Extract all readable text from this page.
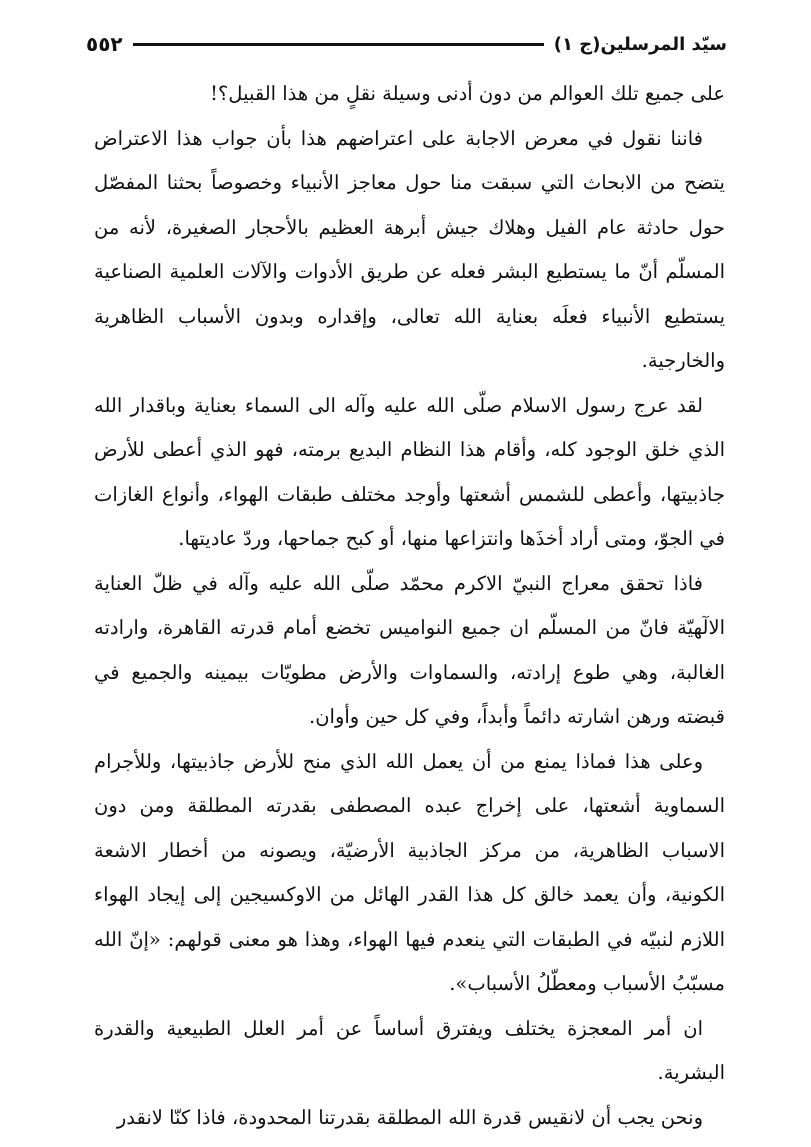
سيّد المرسلين(ج ١)
٥٥٢

على جميع تلك العوالم من دون أدنى وسيلة نقلٍ من هذا القبيل؟!

فاننا نقول في معرض الاجابة على اعتراضهم هذا بأن جواب هذا الاعتراض يتضح من الابحاث التي سبقت منا حول معاجز الأنبياء وخصوصاً بحثنا المفصّل حول حادثة عام الفيل وهلاك جيش أبرهة العظيم بالأحجار الصغيرة، لأنه من المسلّم أنّ ما يستطيع البشر فعله عن طريق الأدوات والآلات العلمية الصناعية يستطيع الأنبياء فعلَه بعناية الله تعالى، وإقداره وبدون الأسباب الظاهرية والخارجية.

لقد عرج رسول الاسلام صلّى الله عليه وآله الى السماء بعناية وباقدار الله الذي خلق الوجود كله، وأقام هذا النظام البديع برمته، فهو الذي أعطى للأرض جاذبيتها، وأعطى للشمس أشعتها وأوجد مختلف طبقات الهواء، وأنواع الغازات في الجوّ، ومتى أراد أخذَها وانتزاعها منها، أو كبح جماحها، وردّ عاديتها.

فاذا تحقق معراج النبيّ الاكرم محمّد صلّى الله عليه وآله في ظلّ العناية الالٓهيّة فانّ من المسلّم ان جميع النواميس تخضع أمام قدرته القاهرة، وارادته الغالبة، وهي طوع إرادته، والسماوات والأرض مطويّات بيمينه والجميع في قبضته ورهن اشارته دائماً وأبداً، وفي كل حين وأوان.

وعلى هذا فماذا يمنع من أن يعمل الله الذي منح للأرض جاذبيتها، وللأجرام السماوية أشعتها، على إخراج عبده المصطفى بقدرته المطلقة ومن دون الاسباب الظاهرية، من مركز الجاذبية الأرضيّة، ويصونه من أخطار الاشعة الكونية، وأن يعمد خالق كل هذا القدر الهائل من الاوكسيجين إلى إيجاد الهواء اللازم لنبيّه في الطبقات التي ينعدم فيها الهواء، وهذا هو معنى قولهم: «إنّ الله مسبّبُ الأسباب ومعطّلُ الأسباب».

ان أمر المعجزة يختلف ويفترق أساساً عن أمر العلل الطبيعية والقدرة البشرية.

ونحن يجب أن لانقيس قدرة الله المطلقة بقدرتنا المحدودة، فاذا كنّا لانقدر
